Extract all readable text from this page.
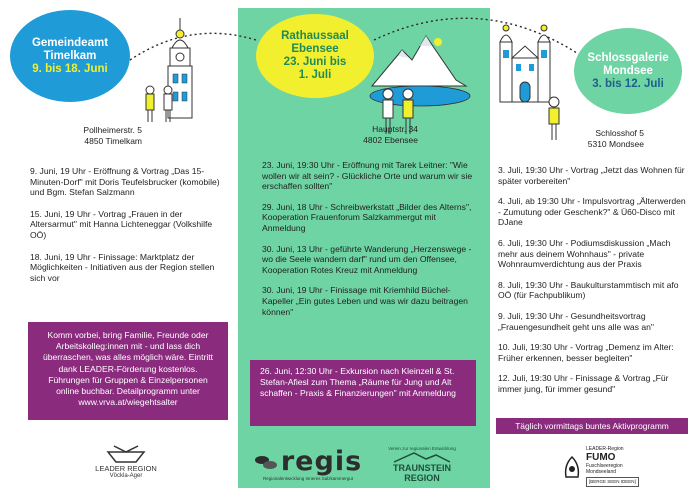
Gemeindeamt
Timelkam
9. bis 18. Juni
Pollheimerstr. 5
4850 Timelkam
Rathaussaal
Ebensee
23. Juni bis
1. Juli
Hauptstr. 34
4802 Ebensee
Schlossgalerie
Mondsee
3. bis 12. Juli
Schlosshof 5
5310 Mondsee
9. Juni, 19 Uhr - Eröffnung & Vortrag „Das 15-Minuten-Dorf" mit Doris Teufelsbrucker (komobile) und Bgm. Stefan Salzmann
15. Juni, 19 Uhr - Vortrag „Frauen in der Altersarmut" mit Hanna Lichteneggar (Volkshilfe OÖ)
18. Juni, 19 Uhr - Finissage: Marktplatz der Möglichkeiten - Initiativen aus der Region stellen sich vor
23. Juni, 19:30 Uhr - Eröffnung mit Tarek Leitner: "Wie wollen wir alt sein? - Glückliche Orte und warum wir sie erschaffen sollten"
29. Juni, 18 Uhr - Schreibwerkstatt „Bilder des Alterns", Kooperation Frauenforum Salzkammergut mit Anmeldung
30. Juni, 13 Uhr - geführte Wanderung „Herzenswege - wo die Seele wandern darf" rund um den Offensee, Kooperation Rotes Kreuz mit Anmeldung
30. Juni, 19 Uhr - Finissage mit Kriemhild Büchel-Kapeller „Ein gutes Leben und was wir dazu beitragen können"
3. Juli, 19:30 Uhr - Vortrag „Jetzt das Wohnen für später vorbereiten"
4. Juli, ab 19:30 Uhr - Impulsvortrag „Älterwerden - Zumutung oder Geschenk?" & Ü60-Disco mit DJane
6. Juli, 19:30 Uhr - Podiumsdiskussion „Mach mehr aus deinem Wohnhaus" - private Wohnraumverdichtung aus der Praxis
8. Juli, 19:30 Uhr - Baukulturstammtisch mit afo OÖ (für Fachpublikum)
9. Juli, 19:30 Uhr - Gesundheitsvortrag „Frauengesundheit geht uns alle was an"
10. Juli, 19:30 Uhr - Vortrag „Demenz im Alter: Früher erkennen, besser begleiten"
12. Juli, 19:30 Uhr - Finissage & Vortrag „Für immer jung, für immer gesund"
Komm vorbei, bring Familie, Freunde oder Arbeitskolleg:innen mit - und lass dich überraschen, was alles möglich wäre. Eintritt dank LEADER-Förderung kostenlos. Führungen für Gruppen & Einzelpersonen online buchbar. Detailprogramm unter www.vrva.at/wiegehtsalter
26. Juni, 12:30 Uhr - Exkursion nach Kleinzell & St. Stefan-Afiesl zum Thema „Räume für Jung und Alt schaffen - Praxis & Finanzierungen" mit Anmeldung
Täglich vormittags buntes Aktivprogramm
LEADER REGION
Vöckla-Ager	regis
Regionalentwicklung Inneres Salzkammergut
Verein zur regionalen Entwicklung
TRAUNSTEIN
REGION
LEADER-Region
FUMO
Fuschlseeregion
Mondseeland
[BERGE SEEN IDEEN]
